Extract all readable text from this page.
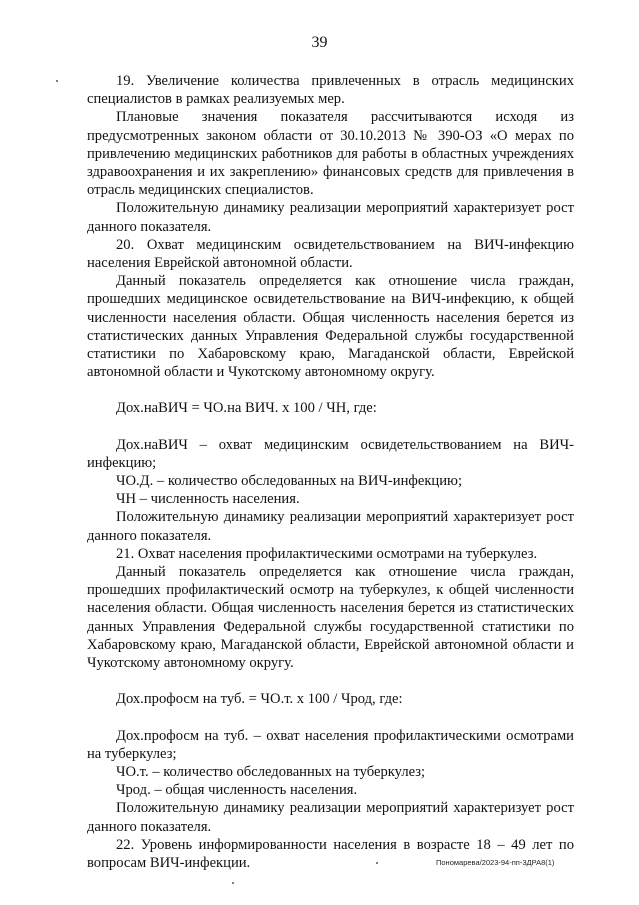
39

19. Увеличение количества привлеченных в отрасль медицинских специалистов в рамках реализуемых мер.

Плановые значения показателя рассчитываются исходя из предусмотренных законом области от 30.10.2013 № 390-ОЗ «О мерах по привлечению медицинских работников для работы в областных учреждениях здравоохранения и их закреплению» финансовых средств для привлечения в отрасль медицинских специалистов.

Положительную динамику реализации мероприятий характеризует рост данного показателя.

20. Охват медицинским освидетельствованием на ВИЧ-инфекцию населения Еврейской автономной области.

Данный показатель определяется как отношение числа граждан, прошедших медицинское освидетельствование на ВИЧ-инфекцию, к общей численности населения области. Общая численность населения берется из статистических данных Управления Федеральной службы государственной статистики по Хабаровскому краю, Магаданской области, Еврейской автономной области и Чукотскому автономному округу.

Дох.наВИЧ = ЧО.на ВИЧ. х 100 / ЧН, где:

Дох.наВИЧ – охват медицинским освидетельствованием на ВИЧ-инфекцию;

ЧО.Д. – количество обследованных на ВИЧ-инфекцию;

ЧН – численность населения.

Положительную динамику реализации мероприятий характеризует рост данного показателя.

21. Охват населения профилактическими осмотрами на туберкулез.

Данный показатель определяется как отношение числа граждан, прошедших профилактический осмотр на туберкулез, к общей численности населения области. Общая численность населения берется из статистических данных Управления Федеральной службы государственной статистики по Хабаровскому краю, Магаданской области, Еврейской автономной области и Чукотскому автономному округу.

Дох.профосм на туб. = ЧО.т. х 100 / Чрод, где:

Дох.профосм на туб. – охват населения профилактическими осмотрами на туберкулез;

ЧО.т. – количество обследованных на туберкулез;

Чрод. – общая численность населения.

Положительную динамику реализации мероприятий характеризует рост данного показателя.

22. Уровень информированности населения в возрасте 18 – 49 лет по вопросам ВИЧ-инфекции.	Пономарева/2023-94-пп-3ДРА8(1)
